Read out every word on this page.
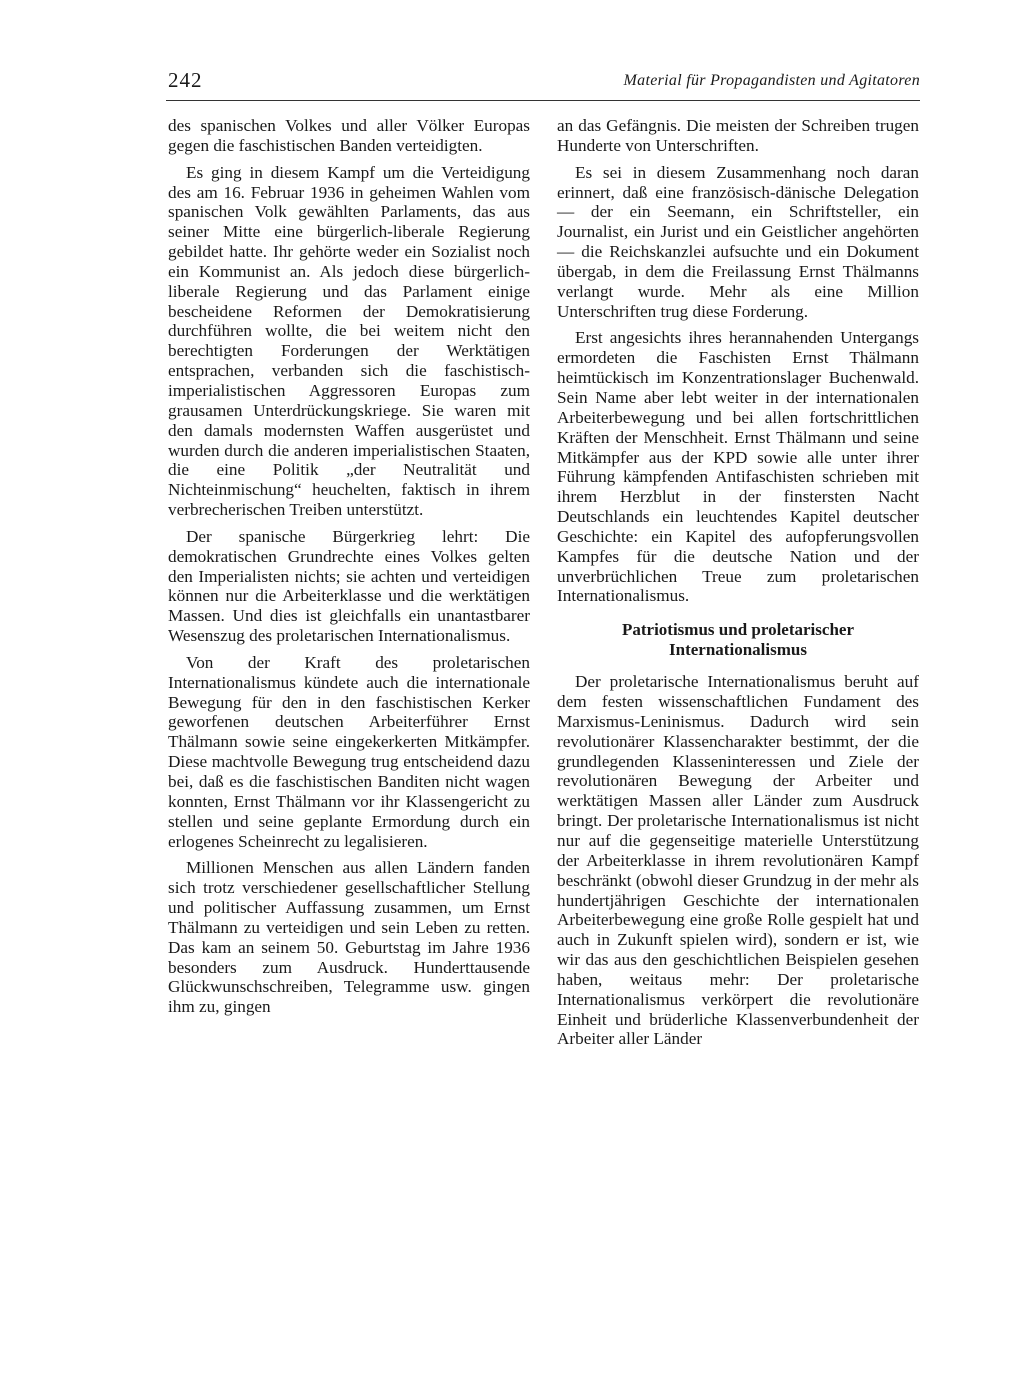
242	Material für Propagandisten und Agitatoren

des spanischen Volkes und aller Völker Europas gegen die faschistischen Banden verteidigten.

Es ging in diesem Kampf um die Verteidigung des am 16. Februar 1936 in geheimen Wahlen vom spanischen Volk gewählten Parlaments, das aus seiner Mitte eine bürgerlich-liberale Regierung gebildet hatte. Ihr gehörte weder ein Sozialist noch ein Kommunist an. Als jedoch diese bürgerlich-liberale Regierung und das Parlament einige bescheidene Reformen der Demokratisierung durchführen wollte, die bei weitem nicht den berechtigten Forderungen der Werktätigen entsprachen, verbanden sich die faschistisch-imperialistischen Aggressoren Europas zum grausamen Unterdrückungskriege. Sie waren mit den damals modernsten Waffen ausgerüstet und wurden durch die anderen imperialistischen Staaten, die eine Politik „der Neutralität und Nichteinmischung“ heuchelten, faktisch in ihrem verbrecherischen Treiben unterstützt.

Der spanische Bürgerkrieg lehrt: Die demokratischen Grundrechte eines Volkes gelten den Imperialisten nichts; sie achten und verteidigen können nur die Arbeiterklasse und die werktätigen Massen. Und dies ist gleichfalls ein unantastbarer Wesenszug des proletarischen Internationalismus.

Von der Kraft des proletarischen Internationalismus kündete auch die internationale Bewegung für den in den faschistischen Kerker geworfenen deutschen Arbeiterführer Ernst Thälmann sowie seine eingekerkerten Mitkämpfer. Diese machtvolle Bewegung trug entscheidend dazu bei, daß es die faschistischen Banditen nicht wagen konnten, Ernst Thälmann vor ihr Klassengericht zu stellen und seine geplante Ermordung durch ein erlogenes Scheinrecht zu legalisieren.

Millionen Menschen aus allen Ländern fanden sich trotz verschiedener gesellschaftlicher Stellung und politischer Auffassung zusammen, um Ernst Thälmann zu verteidigen und sein Leben zu retten. Das kam an seinem 50. Geburtstag im Jahre 1936 besonders zum Ausdruck. Hunderttausende Glückwunschschreiben, Telegramme usw. gingen ihm zu, gingen

an das Gefängnis. Die meisten der Schreiben trugen Hunderte von Unterschriften.

Es sei in diesem Zusammenhang noch daran erinnert, daß eine französisch-dänische Delegation — der ein Seemann, ein Schriftsteller, ein Journalist, ein Jurist und ein Geistlicher angehörten — die Reichskanzlei aufsuchte und ein Dokument übergab, in dem die Freilassung Ernst Thälmanns verlangt wurde. Mehr als eine Million Unterschriften trug diese Forderung.

Erst angesichts ihres herannahenden Untergangs ermordeten die Faschisten Ernst Thälmann heimtückisch im Konzentrationslager Buchenwald. Sein Name aber lebt weiter in der internationalen Arbeiterbewegung und bei allen fortschrittlichen Kräften der Menschheit. Ernst Thälmann und seine Mitkämpfer aus der KPD sowie alle unter ihrer Führung kämpfenden Antifaschisten schrieben mit ihrem Herzblut in der finstersten Nacht Deutschlands ein leuchtendes Kapitel deutscher Geschichte: ein Kapitel des aufopferungsvollen Kampfes für die deutsche Nation und der unverbrüchlichen Treue zum proletarischen Internationalismus.

Patriotismus und proletarischer
Internationalismus

Der proletarische Internationalismus beruht auf dem festen wissenschaftlichen Fundament des Marxismus-Leninismus. Dadurch wird sein revolutionärer Klassencharakter bestimmt, der die grundlegenden Klasseninteressen und Ziele der revolutionären Bewegung der Arbeiter und werktätigen Massen aller Länder zum Ausdruck bringt. Der proletarische Internationalismus ist nicht nur auf die gegenseitige materielle Unterstützung der Arbeiterklasse in ihrem revolutionären Kampf beschränkt (obwohl dieser Grundzug in der mehr als hundertjährigen Geschichte der internationalen Arbeiterbewegung eine große Rolle gespielt hat und auch in Zukunft spielen wird), sondern er ist, wie wir das aus den geschichtlichen Beispielen gesehen haben, weitaus mehr: Der proletarische Internationalismus verkörpert die revolutionäre Einheit und brüderliche Klassenverbundenheit der Arbeiter aller Länder
